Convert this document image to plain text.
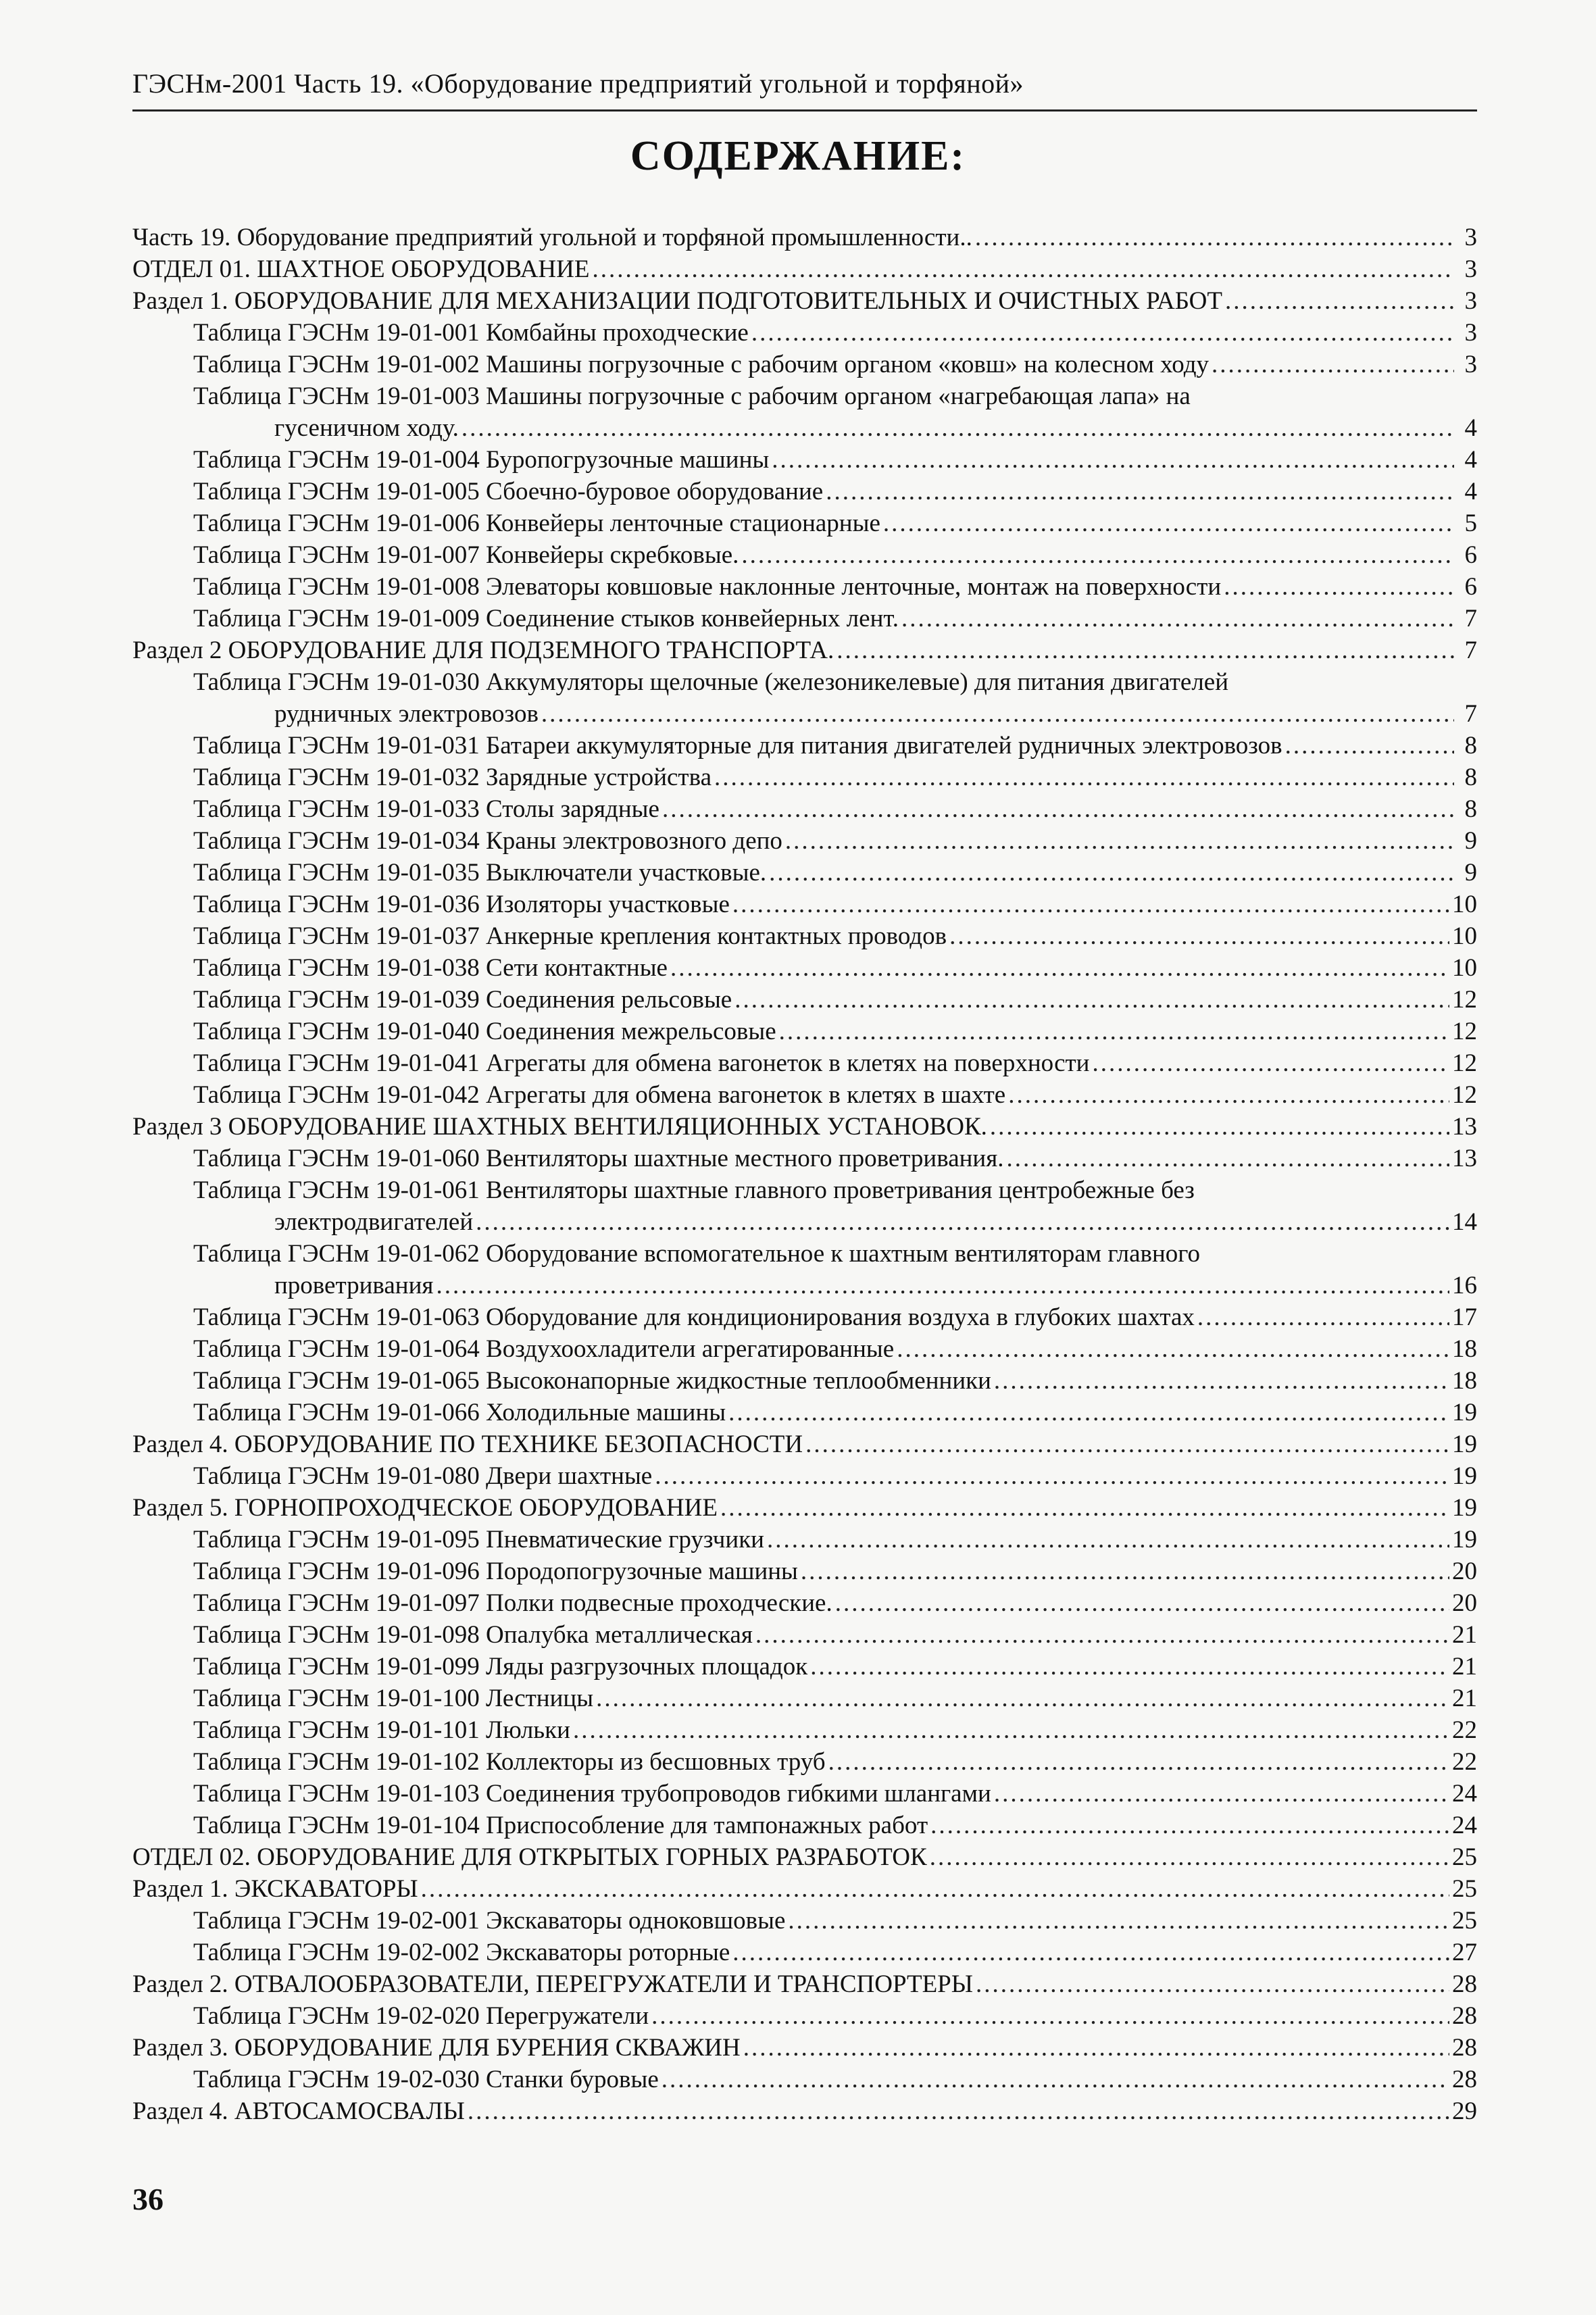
ГЭСНм-2001 Часть 19. «Оборудование предприятий угольной и торфяной»
СОДЕРЖАНИЕ:
Часть 19. Оборудование предприятий угольной и торфяной промышленности.. .....	3
ОТДЕЛ 01. ШАХТНОЕ ОБОРУДОВАНИЕ .....	3
Раздел 1. ОБОРУДОВАНИЕ ДЛЯ МЕХАНИЗАЦИИ ПОДГОТОВИТЕЛЬНЫХ И ОЧИСТНЫХ РАБОТ .....	3
Таблица ГЭСНм 19-01-001 Комбайны проходческие .....	3
Таблица ГЭСНм 19-01-002 Машины погрузочные с рабочим органом «ковш» на колесном ходу .....	3
Таблица ГЭСНм 19-01-003 Машины погрузочные с рабочим органом «нагребающая лапа» на
гусеничном ходу. .....	4
Таблица ГЭСНм 19-01-004 Буропогрузочные машины .....	4
Таблица ГЭСНм 19-01-005 Сбоечно-буровое оборудование .....	4
Таблица ГЭСНм 19-01-006 Конвейеры ленточные стационарные .....	5
Таблица ГЭСНм 19-01-007 Конвейеры скребковые. .....	6
Таблица ГЭСНм 19-01-008 Элеваторы ковшовые наклонные ленточные, монтаж на поверхности .....	6
Таблица ГЭСНм 19-01-009 Соединение стыков конвейерных лент. .....	7
Раздел 2 ОБОРУДОВАНИЕ ДЛЯ ПОДЗЕМНОГО ТРАНСПОРТА. .....	7
Таблица ГЭСНм 19-01-030 Аккумуляторы щелочные (железоникелевые) для питания двигателей
рудничных электровозов .....	7
Таблица ГЭСНм 19-01-031 Батареи аккумуляторные для питания двигателей рудничных электровозов .....	8
Таблица ГЭСНм 19-01-032 Зарядные устройства .....	8
Таблица ГЭСНм 19-01-033 Столы зарядные .....	8
Таблица ГЭСНм 19-01-034 Краны электровозного депо .....	9
Таблица ГЭСНм 19-01-035 Выключатели участковые. .....	9
Таблица ГЭСНм 19-01-036 Изоляторы участковые .....	10
Таблица ГЭСНм 19-01-037 Анкерные крепления контактных проводов .....	10
Таблица ГЭСНм 19-01-038 Сети контактные .....	10
Таблица ГЭСНм 19-01-039 Соединения рельсовые .....	12
Таблица ГЭСНм 19-01-040 Соединения межрельсовые .....	12
Таблица ГЭСНм 19-01-041 Агрегаты для обмена вагонеток в клетях на поверхности .....	12
Таблица ГЭСНм 19-01-042 Агрегаты для обмена вагонеток в клетях в шахте .....	12
Раздел 3 ОБОРУДОВАНИЕ ШАХТНЫХ ВЕНТИЛЯЦИОННЫХ УСТАНОВОК. .....	13
Таблица ГЭСНм 19-01-060 Вентиляторы шахтные местного проветривания. .....	13
Таблица ГЭСНм 19-01-061 Вентиляторы шахтные главного проветривания центробежные без
электродвигателей .....	14
Таблица ГЭСНм 19-01-062 Оборудование вспомогательное к шахтным вентиляторам главного
проветривания .....	16
Таблица ГЭСНм 19-01-063 Оборудование для кондиционирования воздуха в глубоких шахтах .....	17
Таблица ГЭСНм 19-01-064 Воздухоохладители агрегатированные .....	18
Таблица ГЭСНм 19-01-065 Высоконапорные жидкостные теплообменники .....	18
Таблица ГЭСНм 19-01-066 Холодильные машины .....	19
Раздел 4. ОБОРУДОВАНИЕ ПО ТЕХНИКЕ БЕЗОПАСНОСТИ .....	19
Таблица ГЭСНм 19-01-080 Двери шахтные .....	19
Раздел 5. ГОРНОПРОХОДЧЕСКОЕ ОБОРУДОВАНИЕ .....	19
Таблица ГЭСНм 19-01-095 Пневматические грузчики .....	19
Таблица ГЭСНм 19-01-096 Породопогрузочные машины .....	20
Таблица ГЭСНм 19-01-097 Полки подвесные проходческие. .....	20
Таблица ГЭСНм 19-01-098 Опалубка металлическая .....	21
Таблица ГЭСНм 19-01-099 Ляды разгрузочных площадок .....	21
Таблица ГЭСНм 19-01-100 Лестницы .....	21
Таблица ГЭСНм 19-01-101 Люльки .....	22
Таблица ГЭСНм 19-01-102 Коллекторы из бесшовных труб .....	22
Таблица ГЭСНм 19-01-103 Соединения трубопроводов гибкими шлангами .....	24
Таблица ГЭСНм 19-01-104 Приспособление для тампонажных работ .....	24
ОТДЕЛ 02. ОБОРУДОВАНИЕ ДЛЯ ОТКРЫТЫХ ГОРНЫХ РАЗРАБОТОК .....	25
Раздел 1. ЭКСКАВАТОРЫ .....	25
Таблица ГЭСНм 19-02-001 Экскаваторы одноковшовые .....	25
Таблица ГЭСНм 19-02-002 Экскаваторы роторные .....	27
Раздел 2. ОТВАЛООБРАЗОВАТЕЛИ, ПЕРЕГРУЖАТЕЛИ И ТРАНСПОРТЕРЫ .....	28
Таблица ГЭСНм 19-02-020 Перегружатели .....	28
Раздел 3. ОБОРУДОВАНИЕ ДЛЯ БУРЕНИЯ СКВАЖИН .....	28
Таблица ГЭСНм 19-02-030 Станки буровые .....	28
Раздел 4. АВТОСАМОСВАЛЫ .....	29
36
